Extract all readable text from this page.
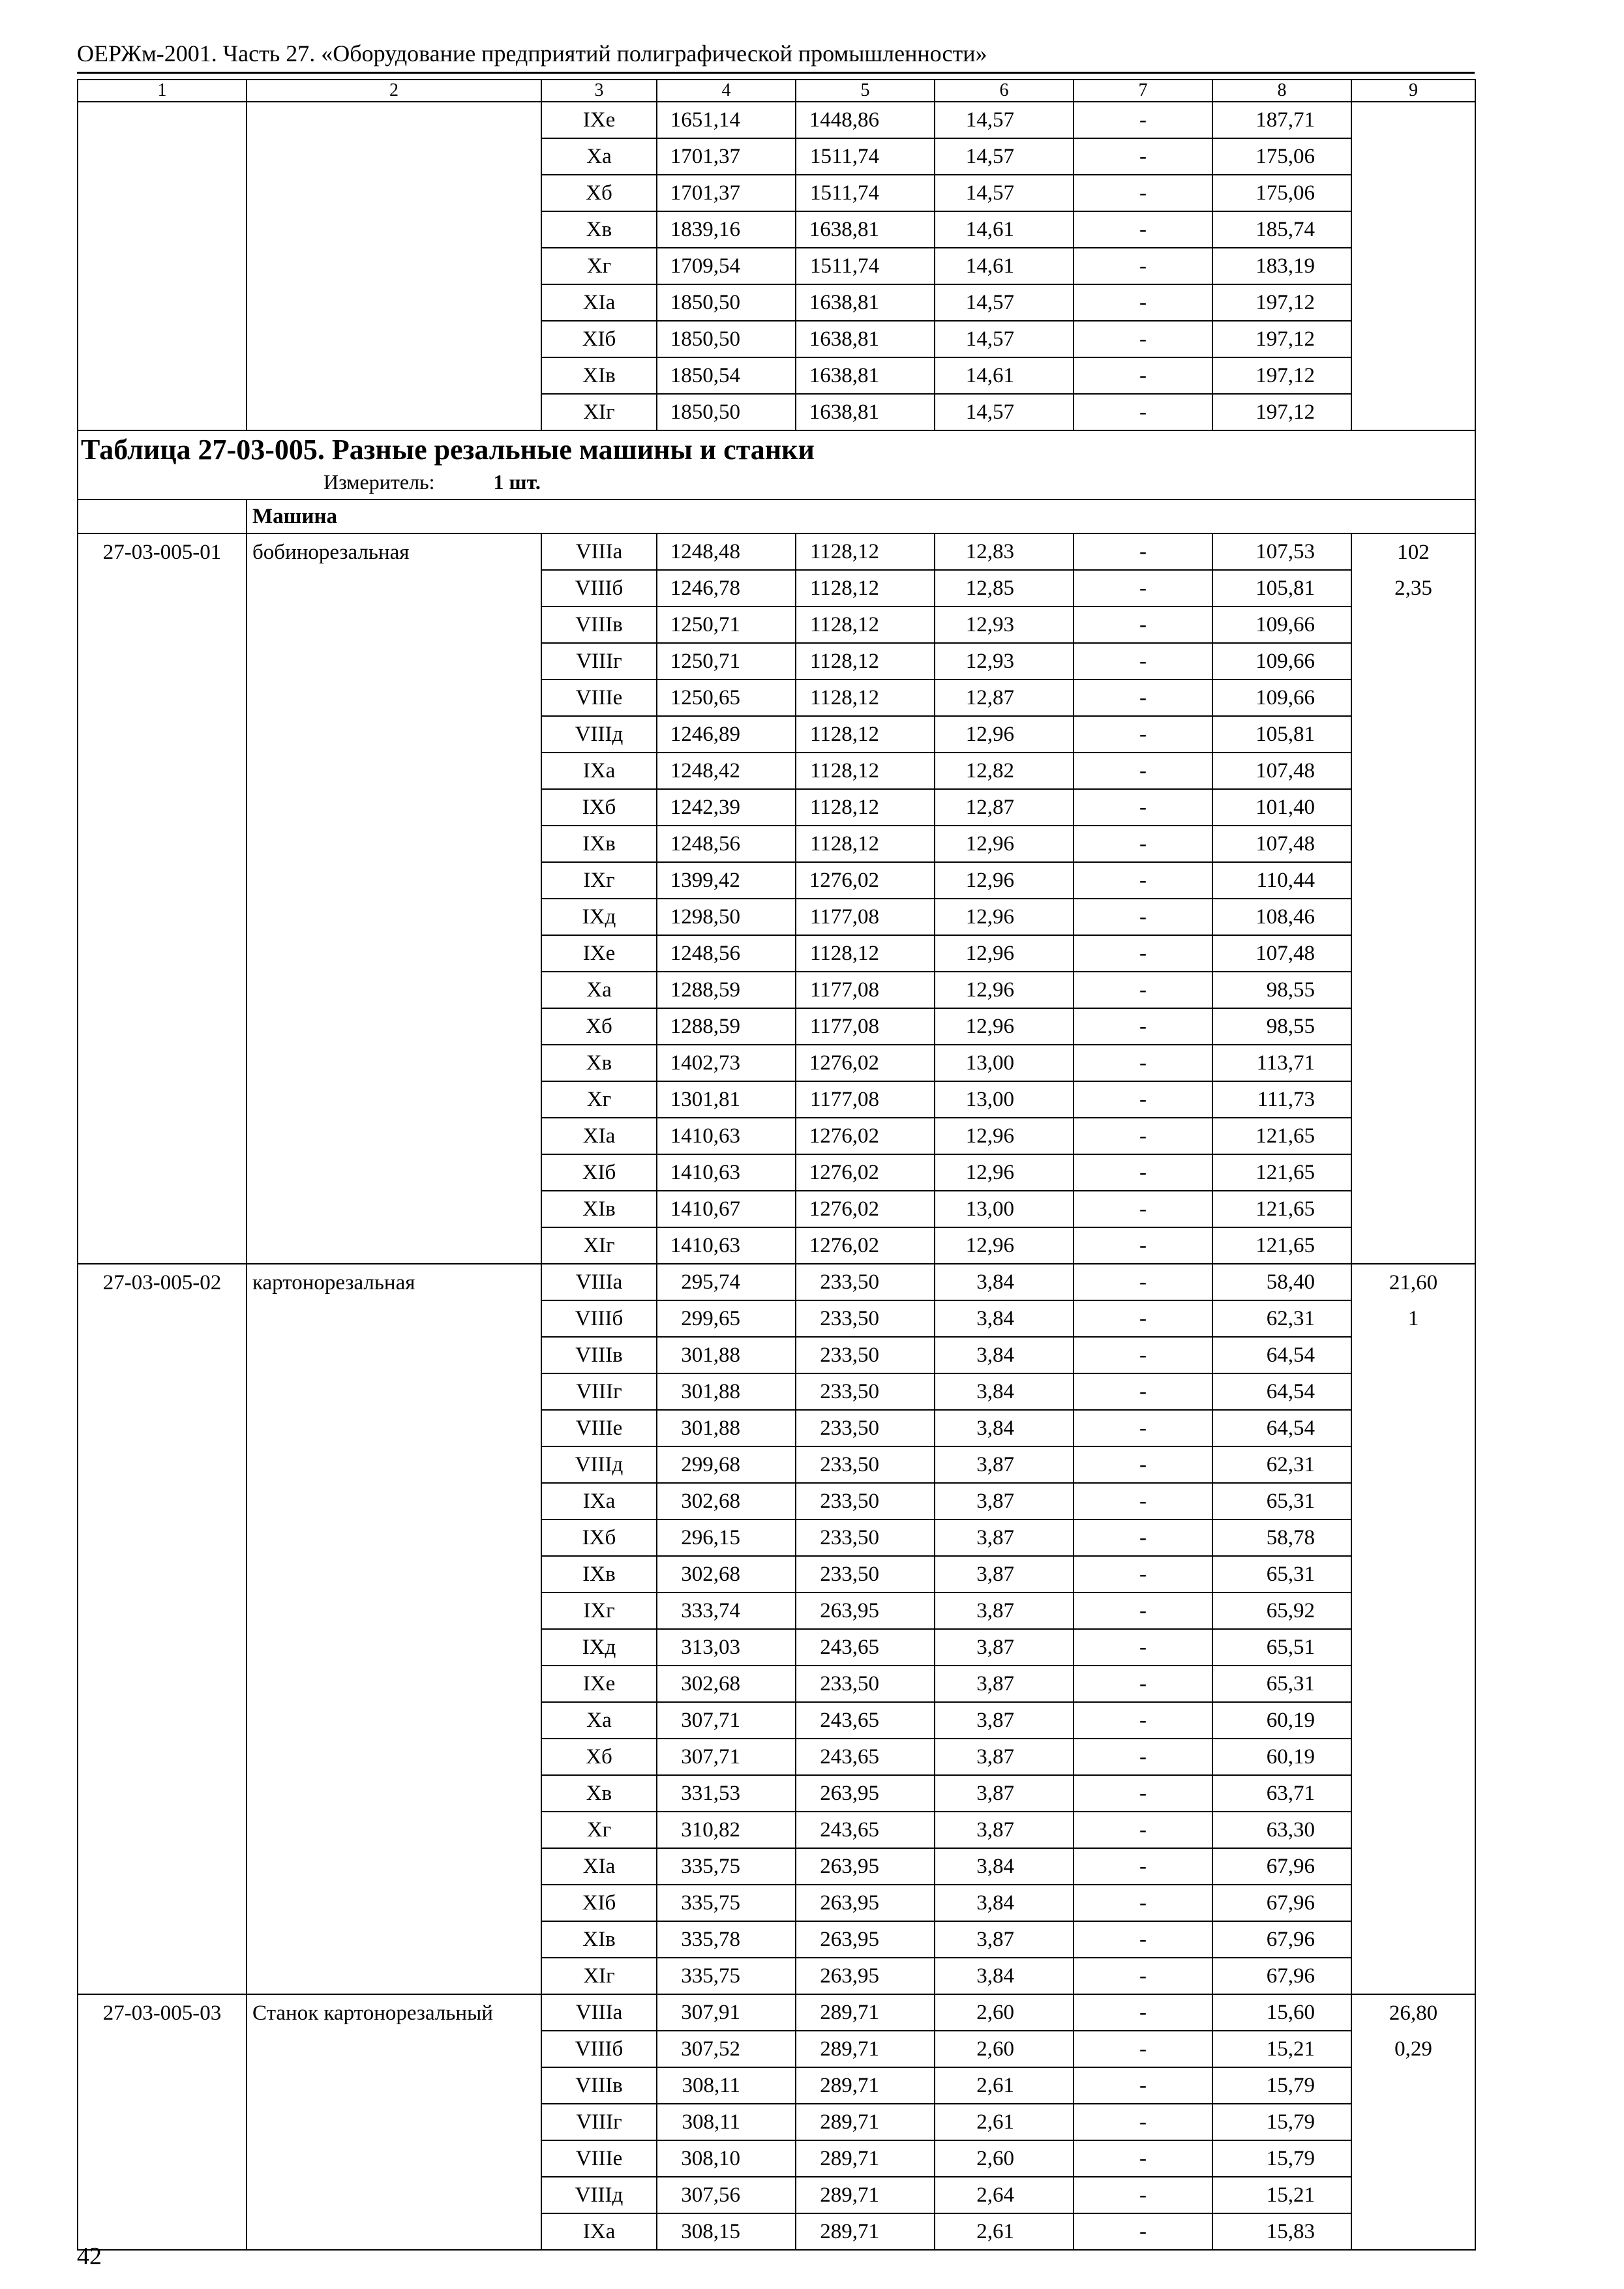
ОЕРЖм-2001. Часть 27. «Оборудование предприятий полиграфической промышленности»
1	2	3	4	5	6	7	8	9
		IXe	1651,14	1448,86	14,57	-	187,71	
		Xa	1701,37	1511,74	14,57	-	175,06	
		Xб	1701,37	1511,74	14,57	-	175,06	
		Xв	1839,16	1638,81	14,61	-	185,74	
		Xг	1709,54	1511,74	14,61	-	183,19	
		XIa	1850,50	1638,81	14,57	-	197,12	
		XIб	1850,50	1638,81	14,57	-	197,12	
		XIв	1850,54	1638,81	14,61	-	197,12	
		XIг	1850,50	1638,81	14,57	-	197,12	

Таблица 27-03-005. Разные резальные машины и станки
Измеритель: 1 шт.								

	Машина							
27-03-005-01	бобинорезальная	VIIIa	1248,48	1128,12	12,83	-	107,53	102
		VIIIб	1246,78	1128,12	12,85	-	105,81	2,35
		VIIIв	1250,71	1128,12	12,93	-	109,66	
		VIIIг	1250,71	1128,12	12,93	-	109,66	
		VIIIe	1250,65	1128,12	12,87	-	109,66	
		VIIIд	1246,89	1128,12	12,96	-	105,81	
		IXa	1248,42	1128,12	12,82	-	107,48	
		IXб	1242,39	1128,12	12,87	-	101,40	
		IXв	1248,56	1128,12	12,96	-	107,48	
		IXг	1399,42	1276,02	12,96	-	110,44	
		IXд	1298,50	1177,08	12,96	-	108,46	
		IXe	1248,56	1128,12	12,96	-	107,48	
		Xa	1288,59	1177,08	12,96	-	98,55	
		Xб	1288,59	1177,08	12,96	-	98,55	
		Xв	1402,73	1276,02	13,00	-	113,71	
		Xг	1301,81	1177,08	13,00	-	111,73	
		XIa	1410,63	1276,02	12,96	-	121,65	
		XIб	1410,63	1276,02	12,96	-	121,65	
		XIв	1410,67	1276,02	13,00	-	121,65	
		XIг	1410,63	1276,02	12,96	-	121,65	
27-03-005-02	картонорезальная	VIIIa	295,74	233,50	3,84	-	58,40	21,60
		VIIIб	299,65	233,50	3,84	-	62,31	1
		VIIIв	301,88	233,50	3,84	-	64,54	
		VIIIг	301,88	233,50	3,84	-	64,54	
		VIIIe	301,88	233,50	3,84	-	64,54	
		VIIIд	299,68	233,50	3,87	-	62,31	
		IXa	302,68	233,50	3,87	-	65,31	
		IXб	296,15	233,50	3,87	-	58,78	
		IXв	302,68	233,50	3,87	-	65,31	
		IXг	333,74	263,95	3,87	-	65,92	
		IXд	313,03	243,65	3,87	-	65,51	
		IXe	302,68	233,50	3,87	-	65,31	
		Xa	307,71	243,65	3,87	-	60,19	
		Xб	307,71	243,65	3,87	-	60,19	
		Xв	331,53	263,95	3,87	-	63,71	
		Xг	310,82	243,65	3,87	-	63,30	
		XIa	335,75	263,95	3,84	-	67,96	
		XIб	335,75	263,95	3,84	-	67,96	
		XIв	335,78	263,95	3,87	-	67,96	
		XIг	335,75	263,95	3,84	-	67,96	
27-03-005-03	Станок картонорезальный	VIIIa	307,91	289,71	2,60	-	15,60	26,80
		VIIIб	307,52	289,71	2,60	-	15,21	0,29
		VIIIв	308,11	289,71	2,61	-	15,79	
		VIIIг	308,11	289,71	2,61	-	15,79	
		VIIIe	308,10	289,71	2,60	-	15,79	
		VIIIд	307,56	289,71	2,64	-	15,21	
		IXa	308,15	289,71	2,61	-	15,83	
42
